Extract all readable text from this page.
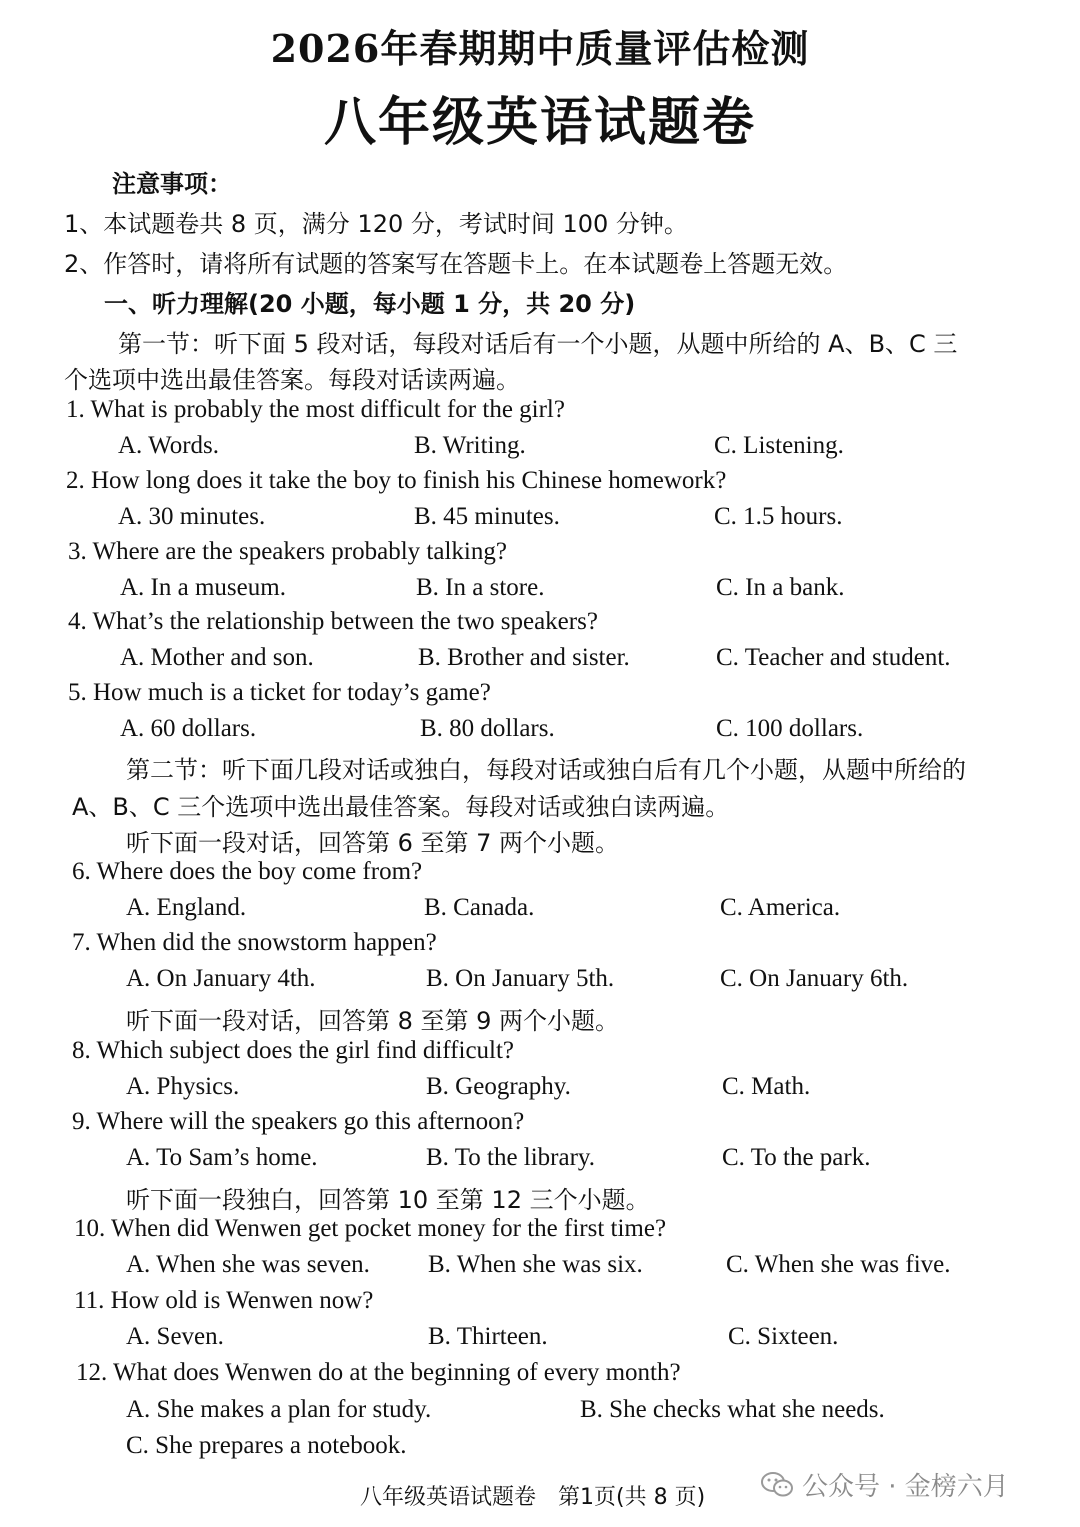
2026年春期期中质量评估检测
八年级英语试题卷
注意事项：
1、本试题卷共 8 页，满分 120 分，考试时间 100 分钟。
2、作答时，请将所有试题的答案写在答题卡上。在本试题卷上答题无效。
一、听力理解(20 小题，每小题 1 分，共 20 分)
第一节：听下面 5 段对话，每段对话后有一个小题，从题中所给的 A、B、C 三
个选项中选出最佳答案。每段对话读两遍。
1. What is probably the most difficult for the girl?
A. Words.	B. Writing.	C. Listening.
2. How long does it take the boy to finish his Chinese homework?
A. 30 minutes.	B. 45 minutes.	C. 1.5 hours.
3. Where are the speakers probably talking?
A. In a museum.	B. In a store.	C. In a bank.
4. What’s the relationship between the two speakers?
A. Mother and son.	B. Brother and sister.	C. Teacher and student.
5. How much is a ticket for today’s game?
A. 60 dollars.	B. 80 dollars.	C. 100 dollars.
第二节：听下面几段对话或独白，每段对话或独白后有几个小题，从题中所给的
A、B、C 三个选项中选出最佳答案。每段对话或独白读两遍。
听下面一段对话，回答第 6 至第 7 两个小题。
6. Where does the boy come from?
A. England.	B. Canada.	C. America.
7. When did the snowstorm happen?
A. On January 4th.	B. On January 5th.	C. On January 6th.
听下面一段对话，回答第 8 至第 9 两个小题。
8. Which subject does the girl find difficult?
A. Physics.	B. Geography.	C. Math.
9. Where will the speakers go this afternoon?
A. To Sam’s home.	B. To the library.	C. To the park.
听下面一段独白，回答第 10 至第 12 三个小题。
10. When did Wenwen get pocket money for the first time?
A. When she was seven. B. When she was six.	C. When she was five.
11. How old is Wenwen now?
A. Seven.	B. Thirteen.	C. Sixteen.
12. What does Wenwen do at the beginning of every month?
A. She makes a plan for study.	B. She checks what she needs.
C. She prepares a notebook.
八年级英语试题卷　第1页(共 8 页)	公众号 · 金榜六月
